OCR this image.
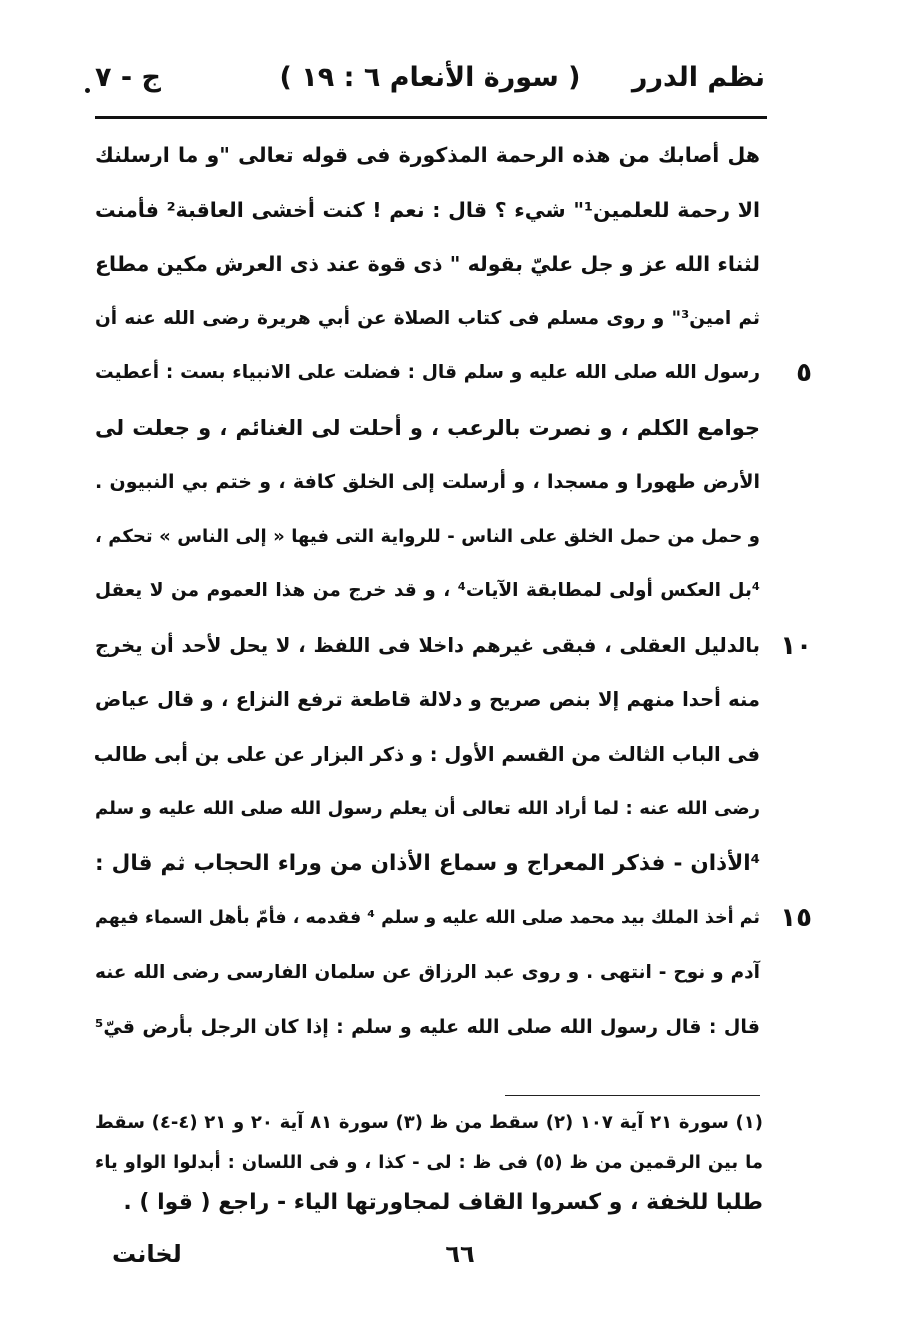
نظم الدرر
( سورة الأنعام ٦ : ١٩ )
ج - ٧
هل أصابك من هذه الرحمة المذكورة فى قوله تعالى "و ما ارسلنك
الا رحمة للعلمين¹" شيء ؟ قال : نعم ! كنت أخشى العاقبة² فأمنت
لثناء الله عز و جل عليّ بقوله " ذى قوة عند ذى العرش مكين مطاع
ثم امين³" و روى مسلم فى كتاب الصلاة عن أبي هريرة رضى الله عنه أن
٥
رسول الله صلى الله عليه و سلم قال : فضلت على الانبياء بست : أعطيت
جوامع الكلم ، و نصرت بالرعب ، و أحلت لى الغنائم ، و جعلت لى
الأرض طهورا و مسجدا ، و أرسلت إلى الخلق كافة ، و ختم بي النبيون .
و حمل من حمل الخلق على الناس - للرواية التى فيها « إلى الناس » تحكم ،
⁴بل العكس أولى لمطابقة الآيات⁴ ، و قد خرج من هذا العموم من لا يعقل
١٠
بالدليل العقلى ، فبقى غيرهم داخلا فى اللفظ ، لا يحل لأحد أن يخرج
منه أحدا منهم إلا بنص صريح و دلالة قاطعة ترفع النزاع ، و قال عياض
فى الباب الثالث من القسم الأول : و ذكر البزار عن على بن أبى طالب
رضى الله عنه : لما أراد الله تعالى أن يعلم رسول الله صلى الله عليه و سلم
⁴الأذان - فذكر المعراج و سماع الأذان من وراء الحجاب ثم قال :
١٥
ثم أخذ الملك بيد محمد صلى الله عليه و سلم ⁴ فقدمه ، فأمّ بأهل السماء فيهم
آدم و نوح - انتهى . و روى عبد الرزاق عن سلمان الفارسى رضى الله عنه
قال : قال رسول الله صلى الله عليه و سلم : إذا كان الرجل بأرض قيّ⁵
(١) سورة ٢١ آية ١٠٧ (٢) سقط من ظ (٣) سورة ٨١ آية ٢٠ و ٢١ (٤-٤) سقط
ما بين الرقمين من ظ (٥) فى ظ : لى - كذا ، و فى اللسان : أبدلوا الواو ياء
طلبا للخفة ، و كسروا القاف لمجاورتها الياء - راجع ( قوا ) .
٦٦
لخانت
